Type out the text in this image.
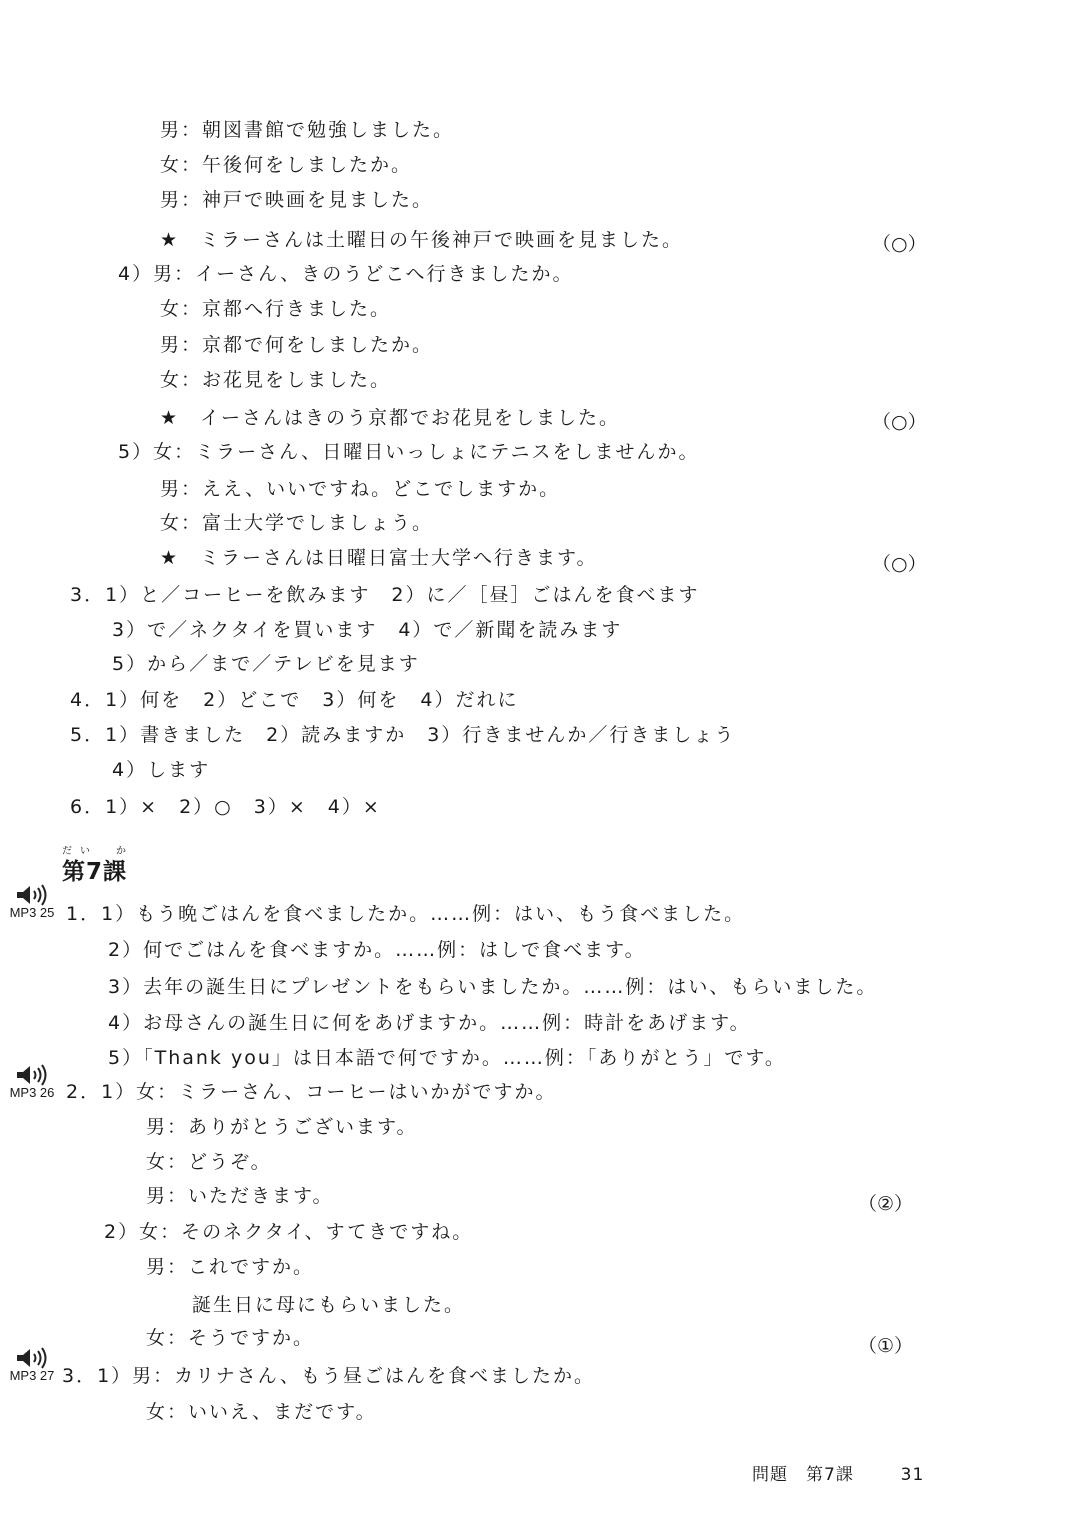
男：朝図書館で勉強しました。
女：午後何をしましたか。
男：神戸で映画を見ました。
★　ミラーさんは土曜日の午後神戸で映画を見ました。	（○）
4）男：イーさん、きのうどこへ行きましたか。
女：京都へ行きました。
男：京都で何をしましたか。
女：お花見をしました。
★　イーさんはきのう京都でお花見をしました。	（○）
5）女：ミラーさん、日曜日いっしょにテニスをしませんか。
男：ええ、いいですね。どこでしますか。
女：富士大学でしましょう。
★　ミラーさんは日曜日富士大学へ行きます。	（○）
3．1）と／コーヒーを飲みます　2）に／［昼］ごはんを食べます
3）で／ネクタイを買います　4）で／新聞を読みます
5）から／まで／テレビを見ます
4．1）何を　2）どこで　3）何を　4）だれに
5．1）書きました　2）読みますか　3）行きませんか／行きましょう
4）します
6．1）×　2）○　3）×　4）×
だい　か
第7課
MP3 25
MP3 26
MP3 27
1．1）もう晩ごはんを食べましたか。……例：はい、もう食べました。
2）何でごはんを食べますか。……例：はしで食べます。
3）去年の誕生日にプレゼントをもらいましたか。……例：はい、もらいました。
4）お母さんの誕生日に何をあげますか。……例：時計をあげます。
5）「Thank you」は日本語で何ですか。……例：「ありがとう」です。
2．1）女：ミラーさん、コーヒーはいかがですか。
男：ありがとうございます。
女：どうぞ。
男：いただきます。	（②）
2）女：そのネクタイ、すてきですね。
男：これですか。
誕生日に母にもらいました。
女：そうですか。	（①）
3．1）男：カリナさん、もう昼ごはんを食べましたか。
女：いいえ、まだです。
問題　第7課	31
